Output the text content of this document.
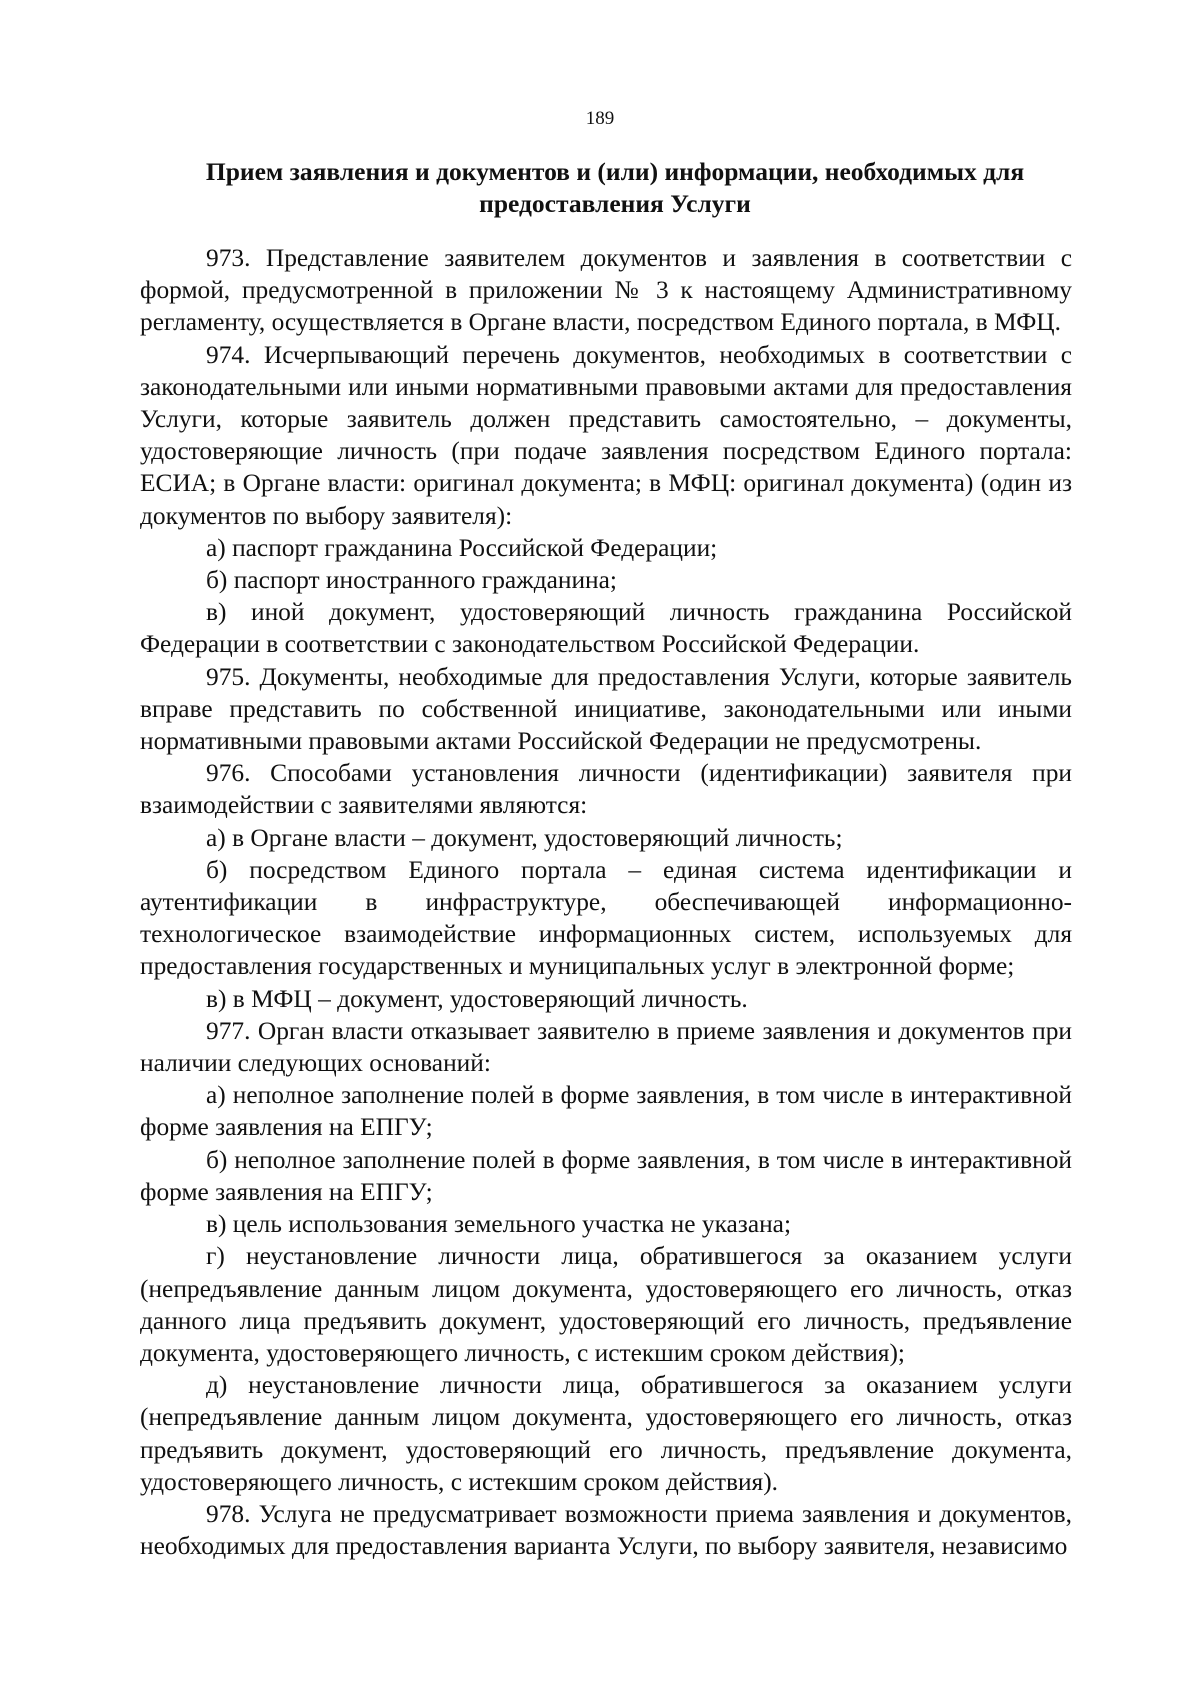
189
Прием заявления и документов и (или) информации, необходимых для предоставления Услуги

973. Представление заявителем документов и заявления в соответствии с формой, предусмотренной в приложении № 3 к настоящему Административному регламенту, осуществляется в Органе власти, посредством Единого портала, в МФЦ.

974. Исчерпывающий перечень документов, необходимых в соответствии с законодательными или иными нормативными правовыми актами для предоставления Услуги, которые заявитель должен представить самостоятельно, – документы, удостоверяющие личность (при подаче заявления посредством Единого портала: ЕСИА; в Органе власти: оригинал документа; в МФЦ: оригинал документа) (один из документов по выбору заявителя):

а) паспорт гражданина Российской Федерации;

б) паспорт иностранного гражданина;

в) иной документ, удостоверяющий личность гражданина Российской Федерации в соответствии с законодательством Российской Федерации.

975. Документы, необходимые для предоставления Услуги, которые заявитель вправе представить по собственной инициативе, законодательными или иными нормативными правовыми актами Российской Федерации не предусмотрены.

976. Способами установления личности (идентификации) заявителя при взаимодействии с заявителями являются:

а) в Органе власти – документ, удостоверяющий личность;

б) посредством Единого портала – единая система идентификации и аутентификации в инфраструктуре, обеспечивающей информационно-технологическое взаимодействие информационных систем, используемых для предоставления государственных и муниципальных услуг в электронной форме;

в) в МФЦ – документ, удостоверяющий личность.

977. Орган власти отказывает заявителю в приеме заявления и документов при наличии следующих оснований:

а) неполное заполнение полей в форме заявления, в том числе в интерактивной форме заявления на ЕПГУ;

б) неполное заполнение полей в форме заявления, в том числе в интерактивной форме заявления на ЕПГУ;

в) цель использования земельного участка не указана;

г) неустановление личности лица, обратившегося за оказанием услуги (непредъявление данным лицом документа, удостоверяющего его личность, отказ данного лица предъявить документ, удостоверяющий его личность, предъявление документа, удостоверяющего личность, с истекшим сроком действия);

д) неустановление личности лица, обратившегося за оказанием услуги (непредъявление данным лицом документа, удостоверяющего его личность, отказ предъявить документ, удостоверяющий его личность, предъявление документа, удостоверяющего личность, с истекшим сроком действия).

978. Услуга не предусматривает возможности приема заявления и документов, необходимых для предоставления варианта Услуги, по выбору заявителя, независимо
